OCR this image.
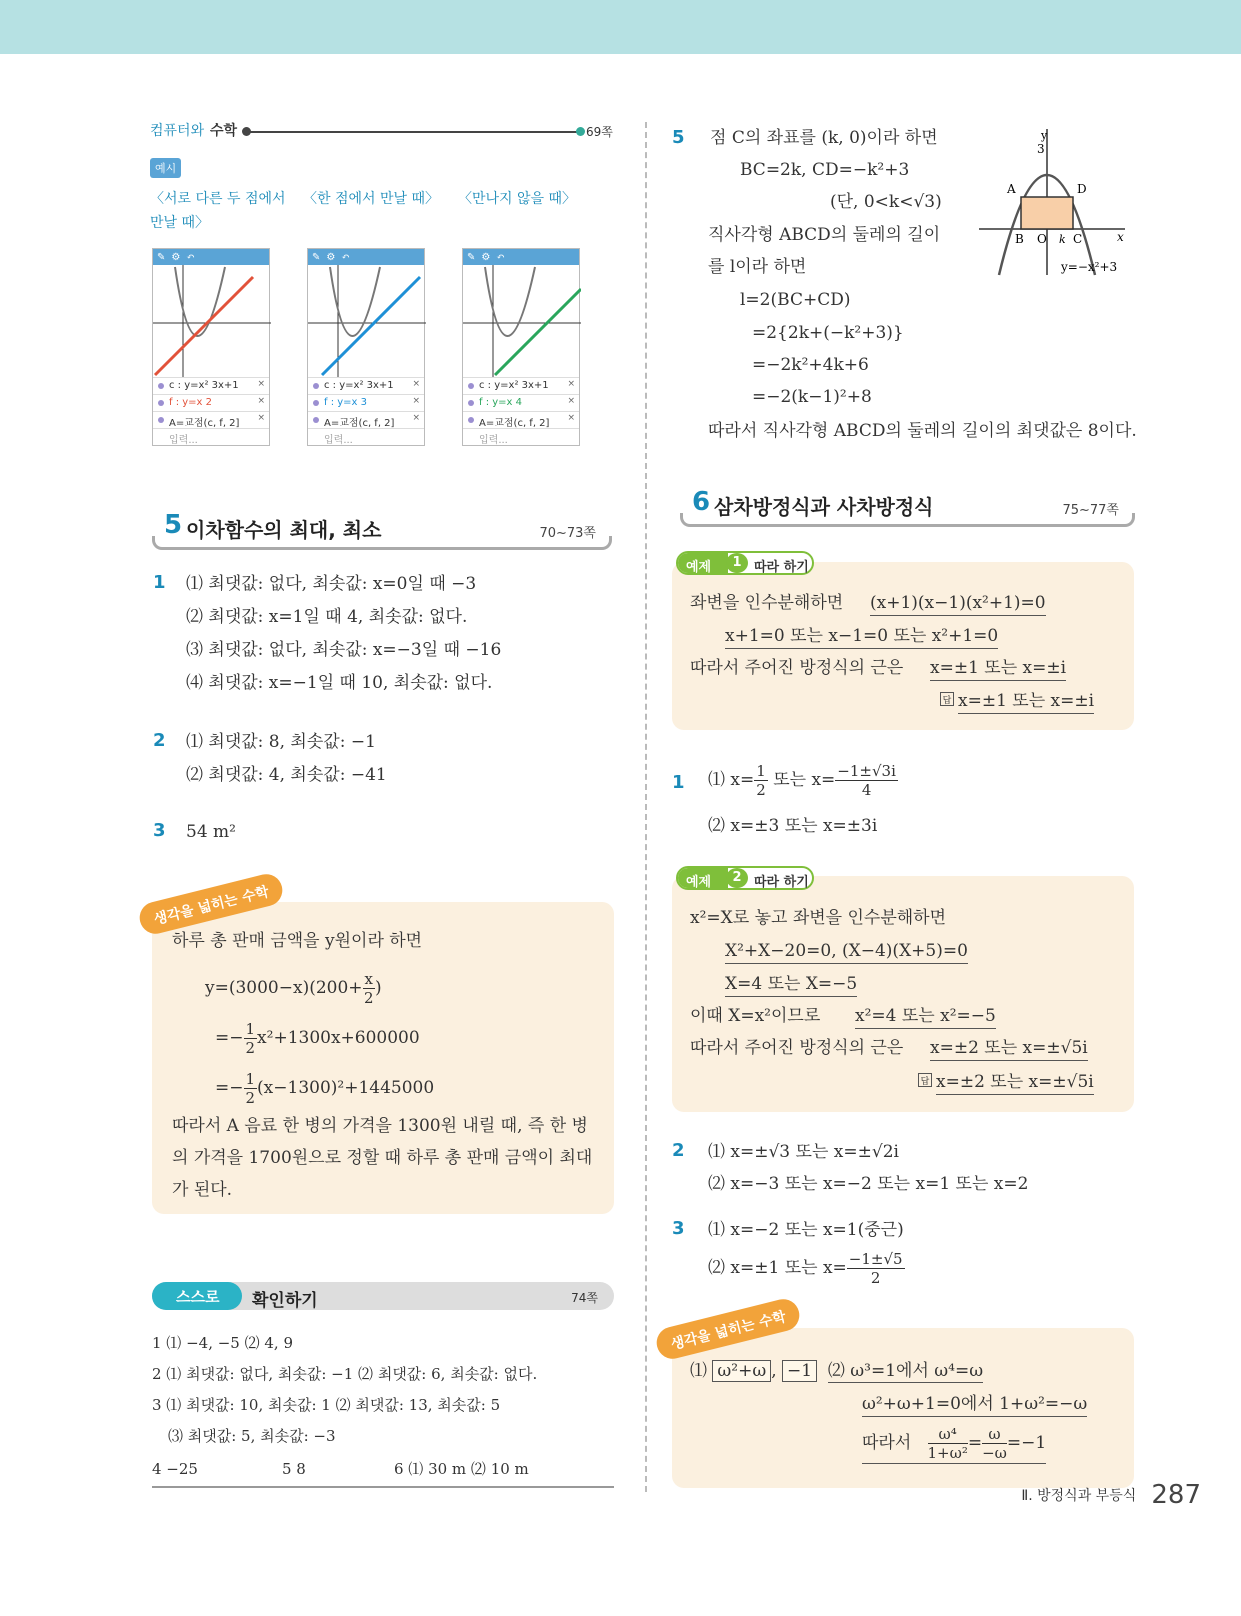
컴퓨터와 수학	69쪽
예시
〈서로 다른 두 점에서
만날 때〉
〈한 점에서 만날 때〉 〈만나지 않을 때〉
✎ ⚙ ↶
c : y=x² 3x+1 ×
f : y=x 2	×
A=교점(c, f, 2] ×
입력...
✎ ⚙ ↶
c : y=x² 3x+1 ×
f : y=x 3	×
A=교점(c, f, 2] ×
입력...
✎ ⚙ ↶
c : y=x² 3x+1 ×
f : y=x 4	×
A=교점(c, f, 2] ×
입력...
5 이차함수의 최대, 최소	70~73쪽
1 ⑴ 최댓값: 없다, 최솟값: x=0일 때 −3
⑵ 최댓값: x=1일 때 4, 최솟값: 없다.
⑶ 최댓값: 없다, 최솟값: x=−3일 때 −16
⑷ 최댓값: x=−1일 때 10, 최솟값: 없다.
2 ⑴ 최댓값: 8, 최솟값: −1
⑵ 최댓값: 4, 최솟값: −41
3 54 m²
생각을 넓히는 수학
하루 총 판매 금액을 y원이라 하면
$y=(3000-x)(200+ \frac{x}{2}$ )
=− $\frac{1}{2} x^2+1300x+600000$
=− $\frac{1}{2} (x-1300)^2+1445000$
따라서 A 음료 한 병의 가격을 1300원 내릴 때, 즉 한 병
의 가격을 1700원으로 정할 때 하루 총 판매 금액이 최대
가 된다.
스스로	확인하기	74쪽
1 ⑴ −4, −5 ⑵ 4, 9
2 ⑴ 최댓값: 없다, 최솟값: −1 ⑵ 최댓값: 6, 최솟값: 없다.
3 ⑴ 최댓값: 10, 최솟값: 1 ⑵ 최댓값: 13, 최솟값: 5
⑶ 최댓값: 5, 최솟값: −3
4 −25	5 8	6 ⑴ 30 m ⑵ 10 m
5 점 C의 좌표를 (k, 0)이라 하면
BC=2k, CD=−k²+3
(단, 0<k<√3)
직사각형 ABCD의 둘레의 길이
를 l이라 하면
l=2(BC+CD)
=2{2k+(−k²+3)}
=−2k²+4k+6
=−2(k−1)²+8
따라서 직사각형 ABCD의 둘레의 길이의 최댓값은 8이다.
y
3
A	D
B O k C	x
y=−x²+3
6 삼차방정식과 사차방정식	75~77쪽
예제	1 따라 하기
좌변을 인수분해하면 (x+1)(x−1)(x²+1)=0
x+1=0 또는 x−1=0 또는 x²+1=0
따라서 주어진 방정식의 근은 x=±1 또는 x=±i
x=±1 또는 x=±i
답
1 ⑴ $x= \frac{1}{2}$ 또는 $x= \frac{-1\pm√3i}{4}$
⑵ x=±3 또는 x=±3i
예제	2 따라 하기
x²=X로 놓고 좌변을 인수분해하면
X²+X−20=0, (X−4)(X+5)=0
X=4 또는 X=−5
이때 X=x²이므로 x²=4 또는 x²=−5
따라서 주어진 방정식의 근은 x=±2 또는 x=±√5i
x=±2 또는 x=±√5i
답
2 ⑴ x=±√3 또는 x=±√2i
⑵ x=−3 또는 x=−2 또는 x=1 또는 x=2
3 ⑴ x=−2 또는 x=1(중근)
⑵ x=±1 또는 $x= \frac{-1\pm√5}{2}$
생각을 넓히는 수학
⑴ ω²+ω , −1 ⑵ ω³=1에서 ω⁴=ω
ω²+ω+1=0에서 1+ω²=−ω
따라서 $\frac{\text{ω⁴}}{\text{1+ω²}} = \frac{\omega}{-\omega} =-1$
Ⅱ. 방정식과 부등식 287
